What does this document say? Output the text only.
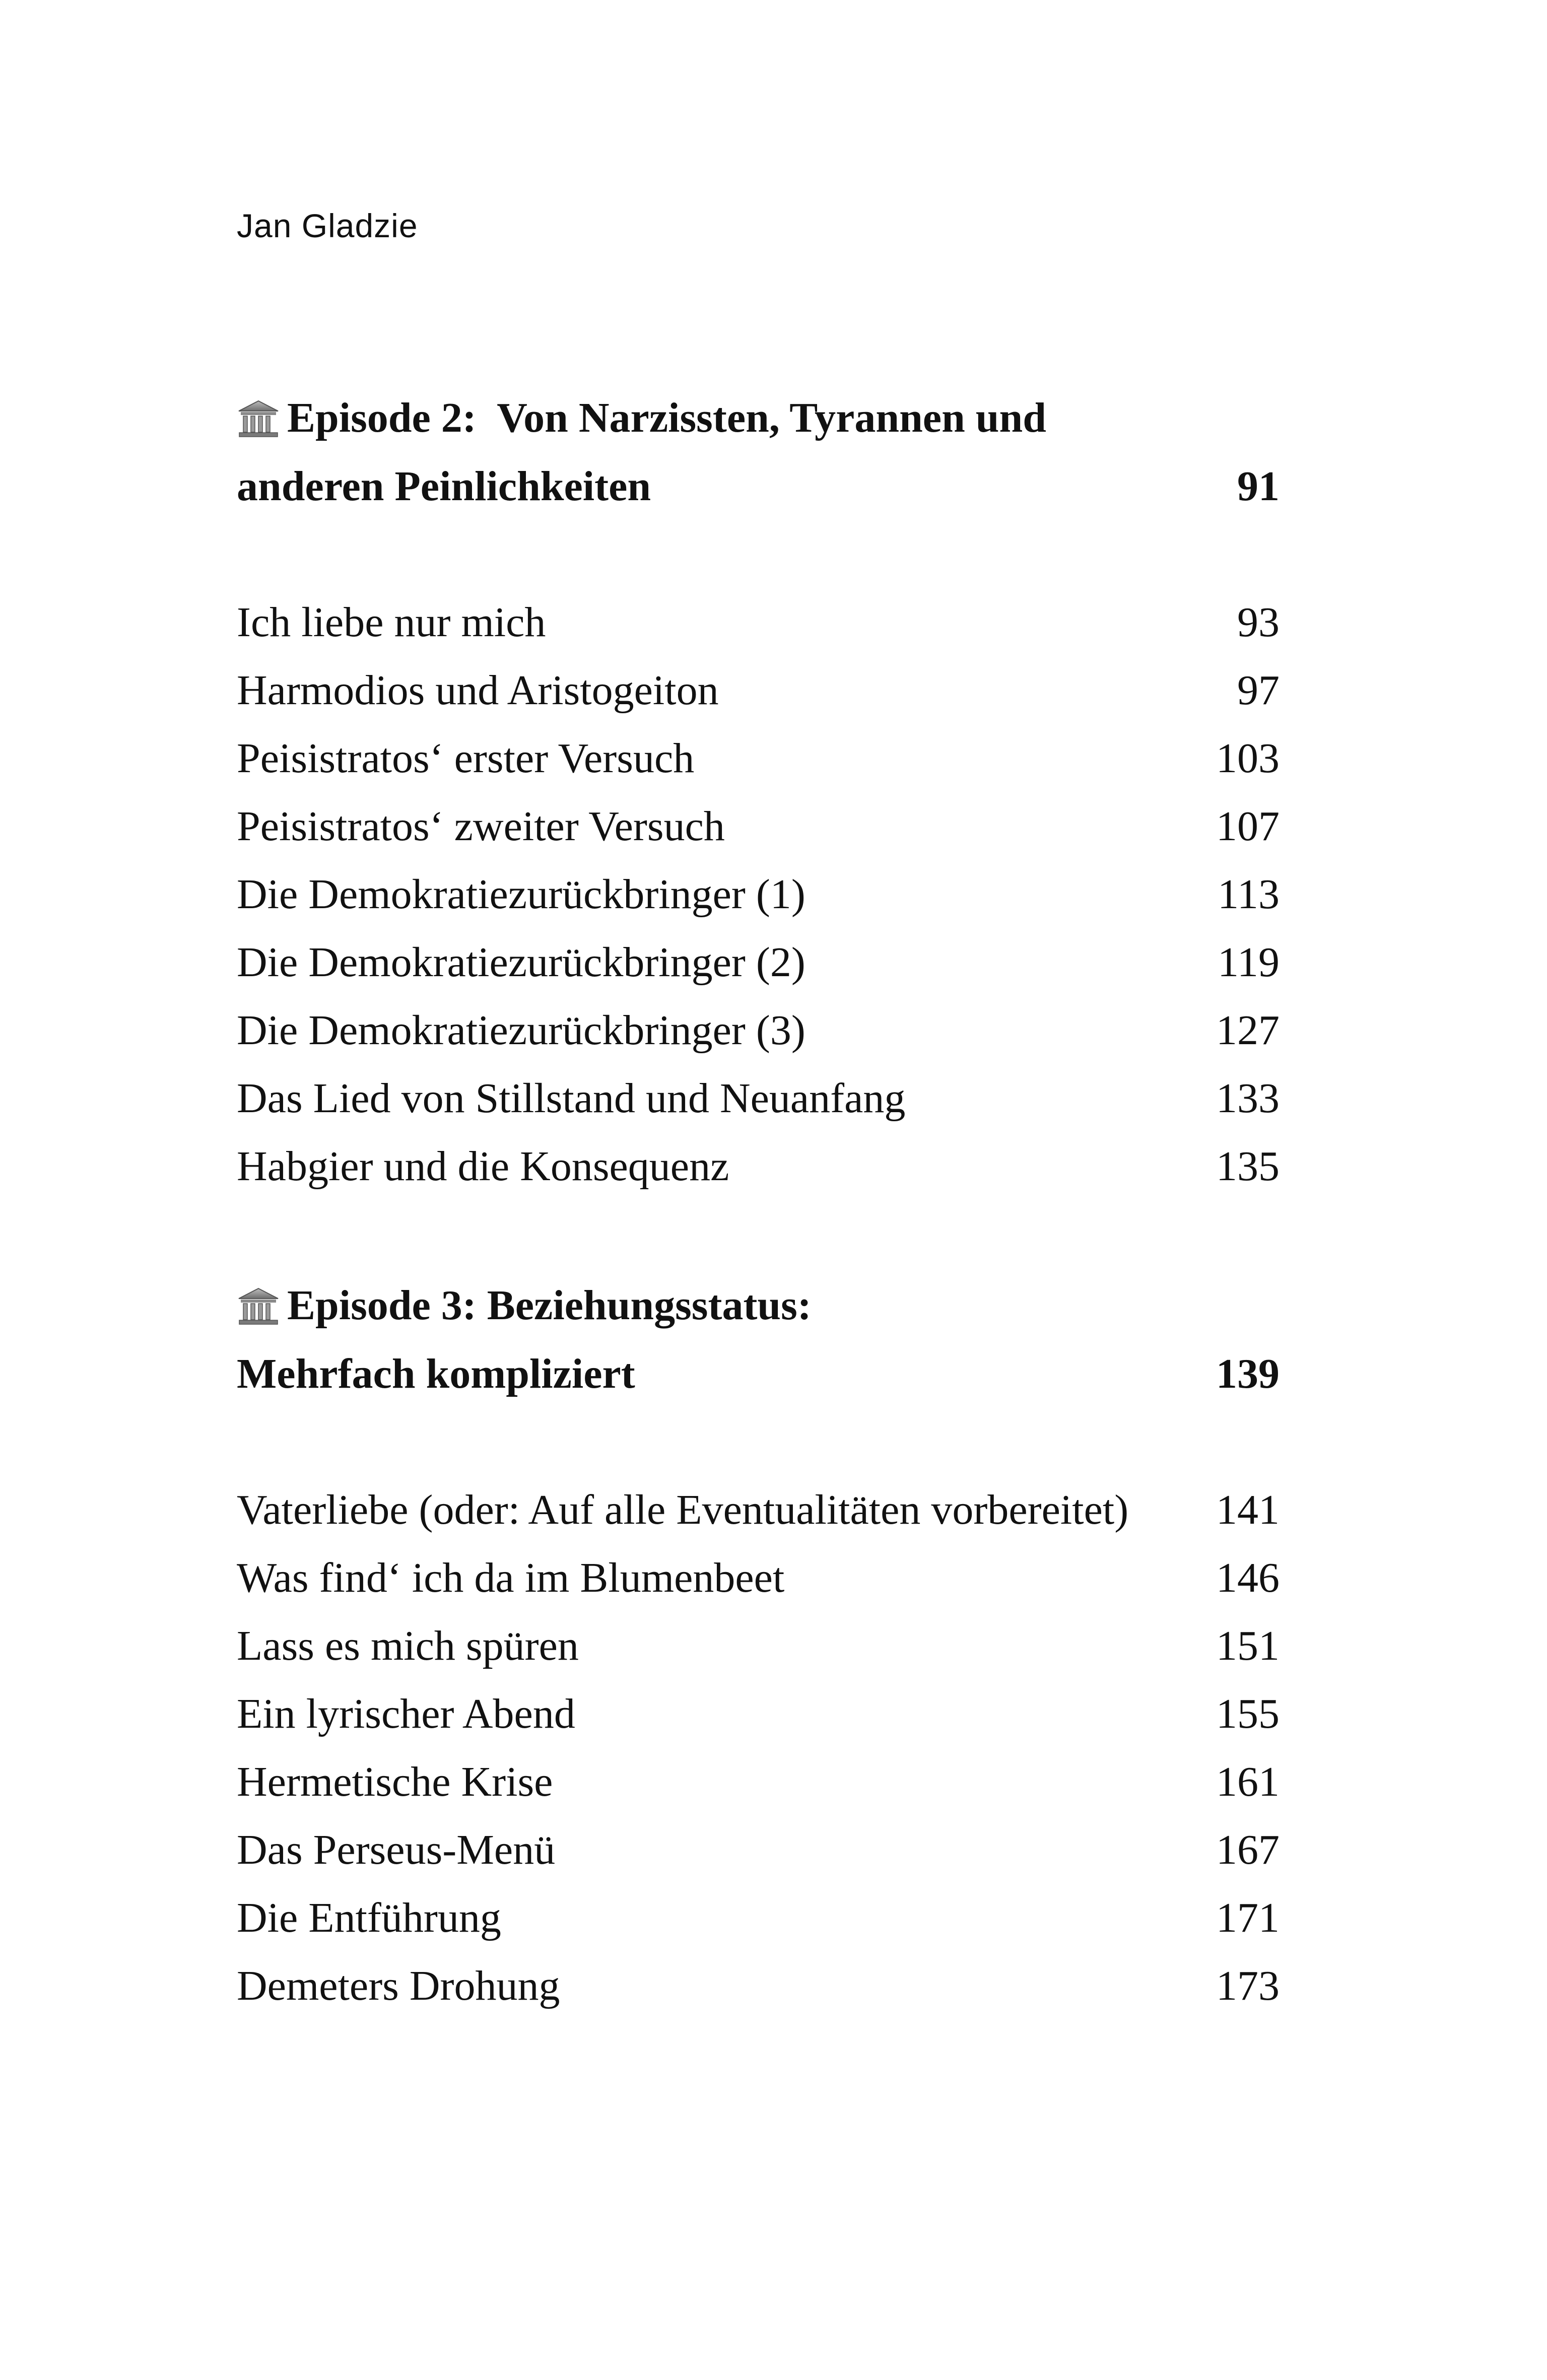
Jan Gladzie
Episode 2:  Von Narzissten, Tyrannen und
anderen Peinlichkeiten	91
Ich liebe nur mich	93
Harmodios und Aristogeiton	97
Peisistratos‘ erster Versuch	103
Peisistratos‘ zweiter Versuch	107
Die Demokratiezurückbringer (1)	113
Die Demokratiezurückbringer (2)	119
Die Demokratiezurückbringer (3)	127
Das Lied von Stillstand und Neuanfang	133
Habgier und die Konsequenz	135
Episode 3: Beziehungsstatus:
Mehrfach kompliziert	139
Vaterliebe (oder: Auf alle Eventualitäten vorbereitet) 141
Was find‘ ich da im Blumenbeet	146
Lass es mich spüren	151
Ein lyrischer Abend	155
Hermetische Krise	161
Das Perseus-Menü	167
Die Entführung	171
Demeters Drohung	173
